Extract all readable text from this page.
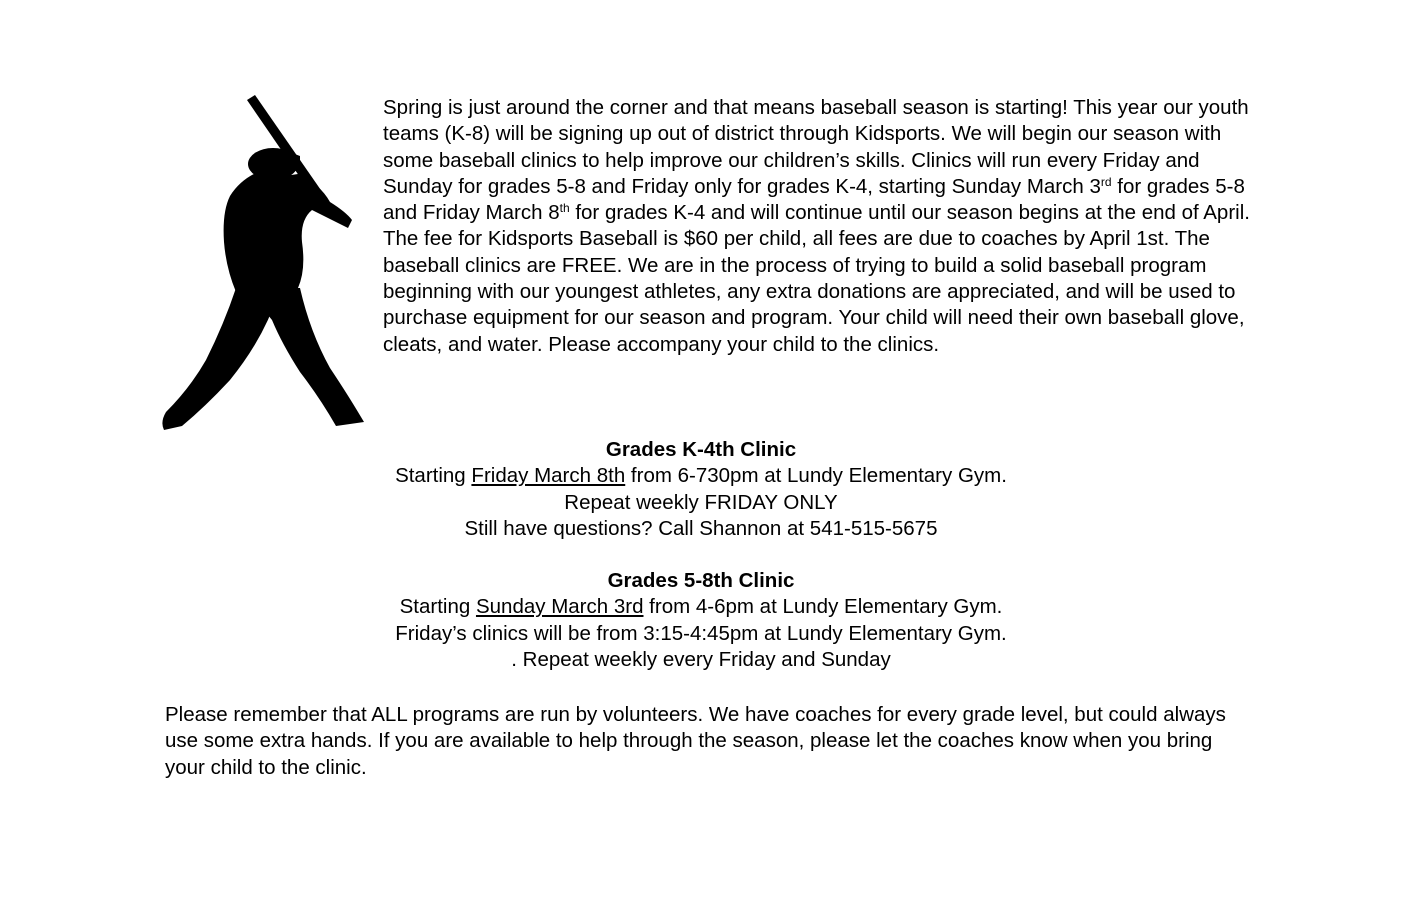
Spring is just around the corner and that means baseball season is starting! This year our youth teams (K-8) will be signing up out of district through Kidsports. We will begin our season with some baseball clinics to help improve our children’s skills. Clinics will run every Friday and Sunday for grades 5-8 and Friday only for grades K-4, starting Sunday March 3rd for grades 5-8 and Friday March 8th for grades K-4 and will continue until our season begins at the end of April. The fee for Kidsports Baseball is $60 per child, all fees are due to coaches by April 1st. The baseball clinics are FREE. We are in the process of trying to build a solid baseball program beginning with our youngest athletes, any extra donations are appreciated, and will be used to purchase equipment for our season and program. Your child will need their own baseball glove, cleats, and water. Please accompany your child to the clinics.

Grades K-4th Clinic
Starting Friday March 8th from 6-730pm at Lundy Elementary Gym.
Repeat weekly FRIDAY ONLY
Still have questions? Call Shannon at 541-515-5675
Grades 5-8th Clinic
Starting Sunday March 3rd from 4-6pm at Lundy Elementary Gym.
Friday’s clinics will be from 3:15-4:45pm at Lundy Elementary Gym.
. Repeat weekly every Friday and Sunday

Please remember that ALL programs are run by volunteers. We have coaches for every grade level, but could always use some extra hands. If you are available to help through the season, please let the coaches know when you bring your child to the clinic.
